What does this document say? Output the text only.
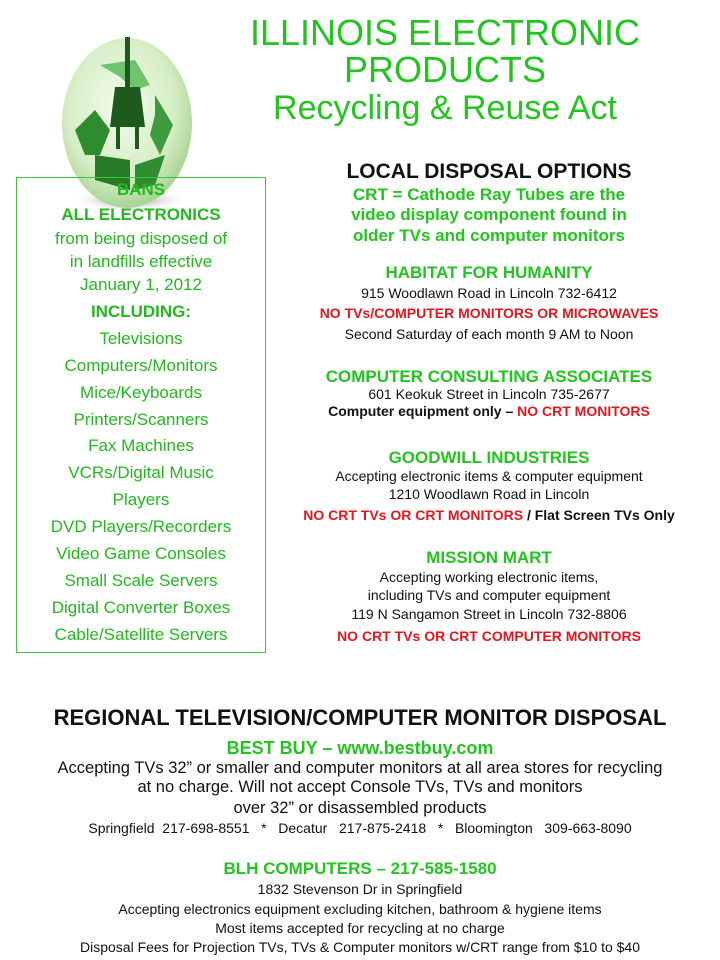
ILLINOIS ELECTRONIC
PRODUCTS
Recycling & Reuse Act
BANS
ALL ELECTRONICS
from being disposed of
in landfills effective
January 1, 2012
INCLUDING:
Televisions
Computers/Monitors
Mice/Keyboards
Printers/Scanners
Fax Machines
VCRs/Digital Music
Players
DVD Players/Recorders
Video Game Consoles
Small Scale Servers
Digital Converter Boxes
Cable/Satellite Servers
LOCAL DISPOSAL OPTIONS
CRT = Cathode Ray Tubes are the
video display component found in
older TVs and computer monitors
HABITAT FOR HUMANITY
915 Woodlawn Road in Lincoln 732-6412
NO TVs/COMPUTER MONITORS OR MICROWAVES
Second Saturday of each month 9 AM to Noon
COMPUTER CONSULTING ASSOCIATES
601 Keokuk Street in Lincoln 735-2677
Computer equipment only – NO CRT MONITORS
GOODWILL INDUSTRIES
Accepting electronic items & computer equipment
1210 Woodlawn Road in Lincoln
NO CRT TVs OR CRT MONITORS / Flat Screen TVs Only
MISSION MART
Accepting working electronic items,
including TVs and computer equipment
119 N Sangamon Street in Lincoln 732-8806
NO CRT TVs OR CRT COMPUTER MONITORS
REGIONAL TELEVISION/COMPUTER MONITOR DISPOSAL
BEST BUY – www.bestbuy.com
Accepting TVs 32” or smaller and computer monitors at all area stores for recycling
at no charge. Will not accept Console TVs, TVs and monitors
over 32” or disassembled products
Springfield  217-698-8551   *   Decatur   217-875-2418   *   Bloomington   309-663-8090
BLH COMPUTERS – 217-585-1580
1832 Stevenson Dr in Springfield
Accepting electronics equipment excluding kitchen, bathroom & hygiene items
Most items accepted for recycling at no charge
Disposal Fees for Projection TVs, TVs & Computer monitors w/CRT range from $10 to $40
